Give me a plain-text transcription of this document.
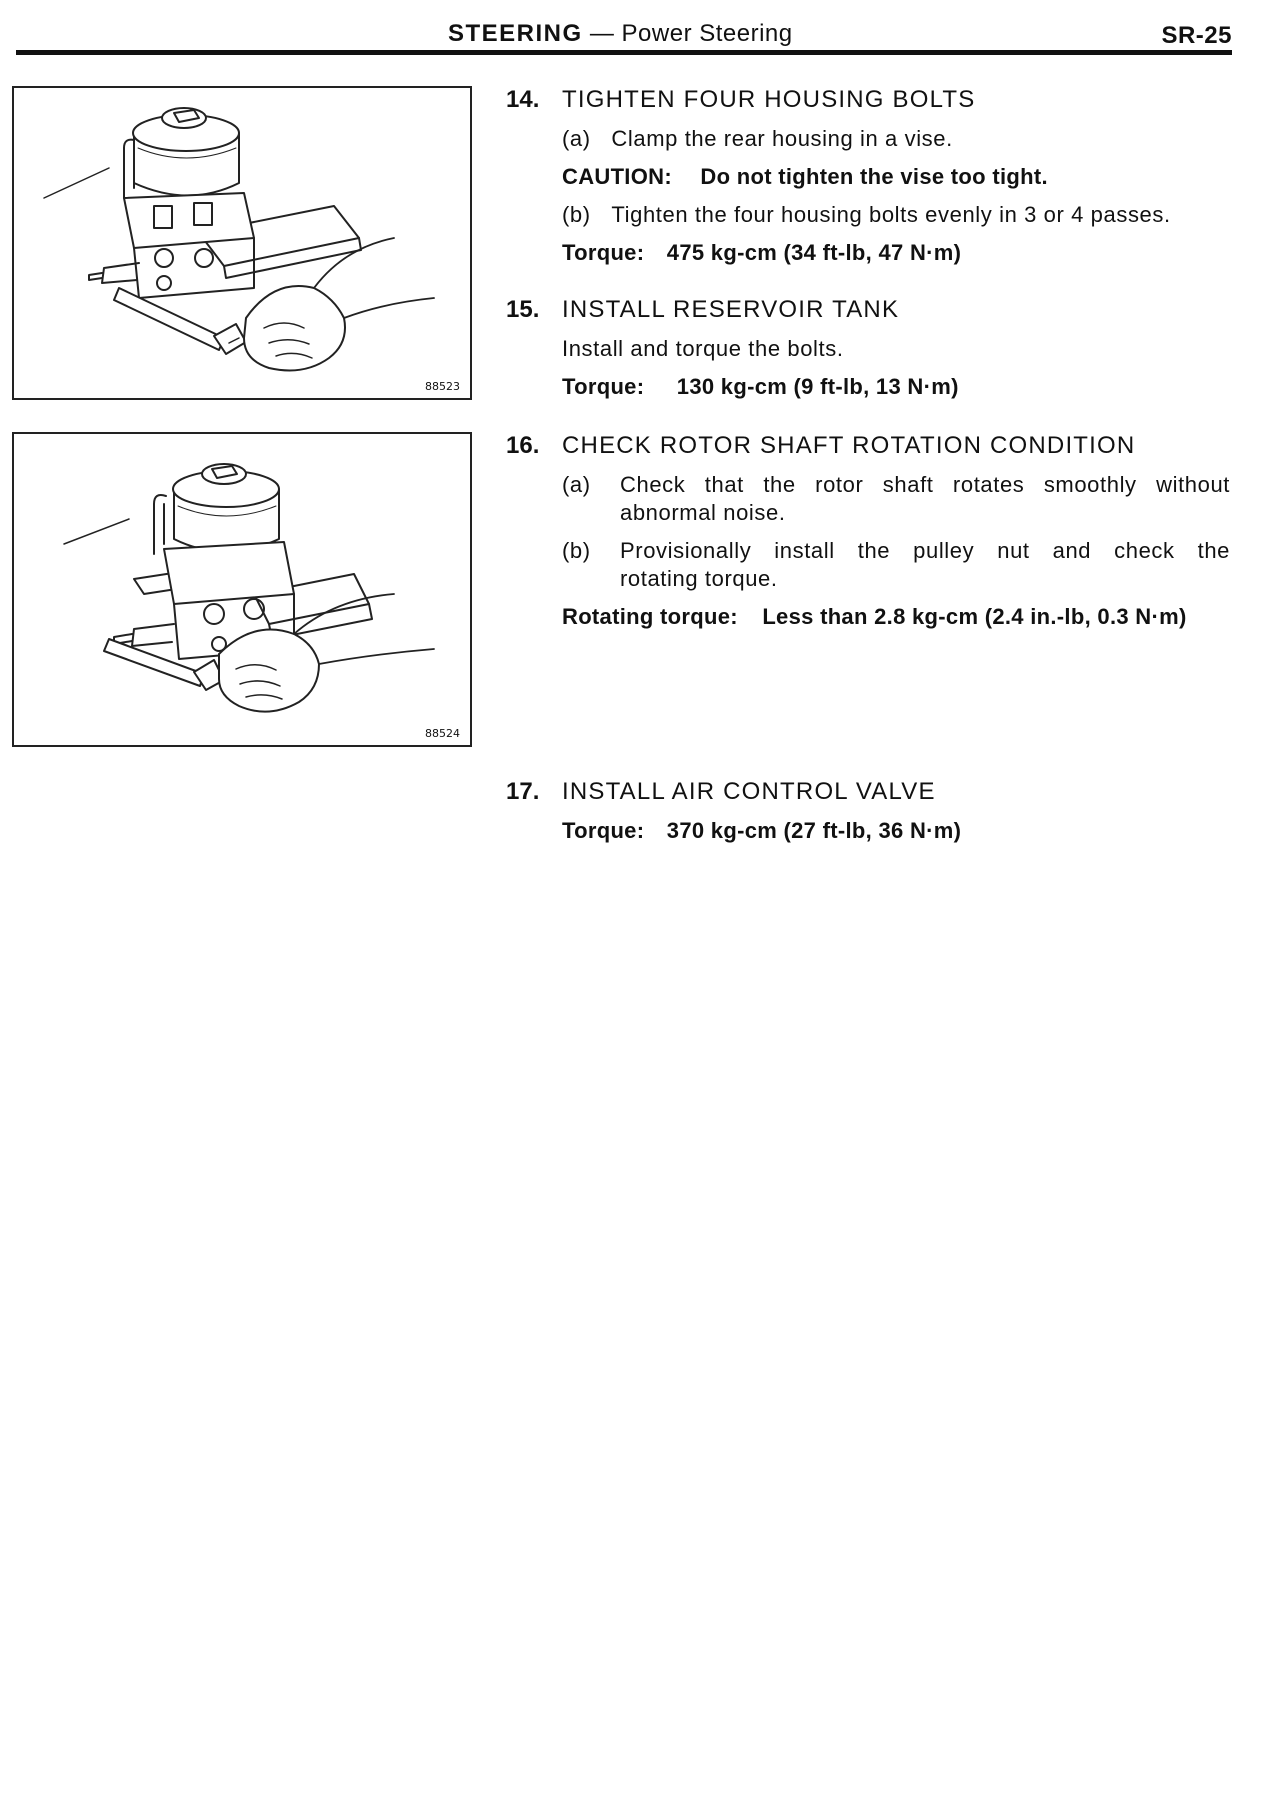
STEERING — Power Steering	SR-25
88523
88524
14. TIGHTEN FOUR HOUSING BOLTS
(a) Clamp the rear housing in a vise.
CAUTION: Do not tighten the vise too tight.
(b) Tighten the four housing bolts evenly in 3 or 4 passes.
Torque: 475 kg-cm (34 ft-lb, 47 N·m)
15. INSTALL RESERVOIR TANK
Install and torque the bolts.
Torque: 130 kg-cm (9 ft-lb, 13 N·m)
16. CHECK ROTOR SHAFT ROTATION CONDITION
(a) Check that the rotor shaft rotates smoothly without
abnormal noise.
(b) Provisionally install the pulley nut and check the
rotating torque.
Rotating torque: Less than 2.8 kg-cm (2.4 in.-lb, 0.3 N·m)
17. INSTALL AIR CONTROL VALVE
Torque: 370 kg-cm (27 ft-lb, 36 N·m)
